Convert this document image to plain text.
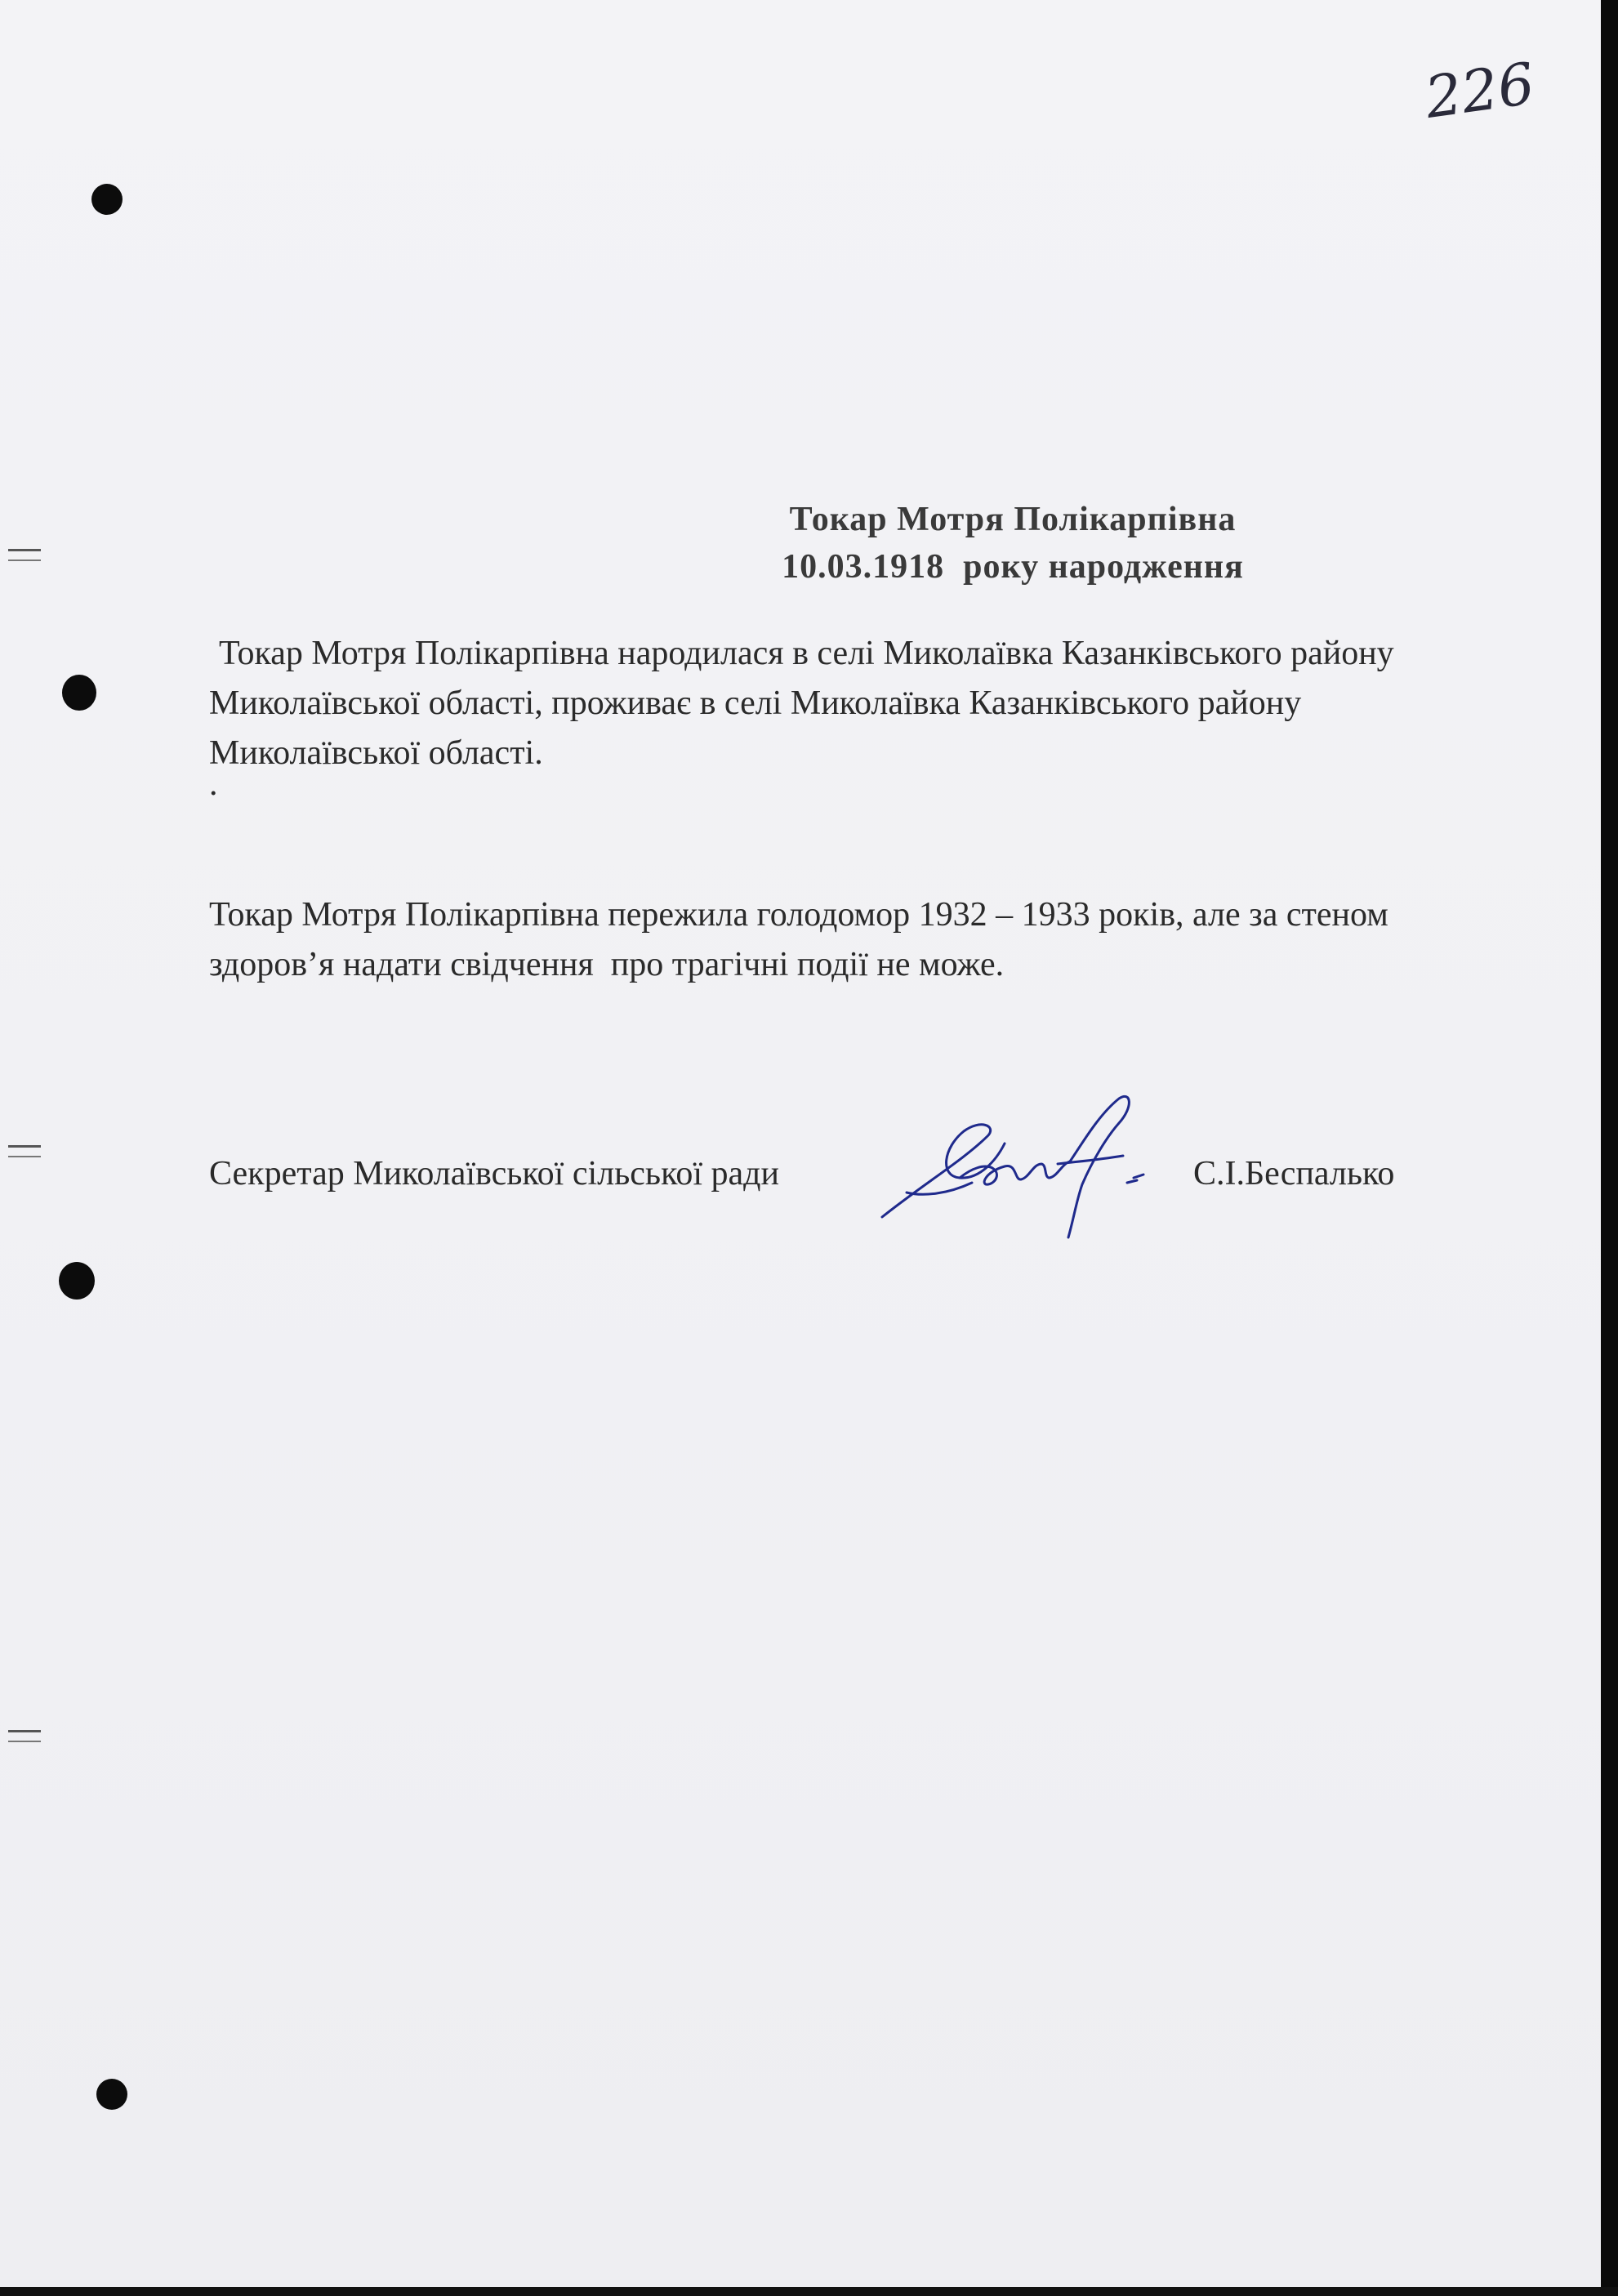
226
Токар Мотря Полікарпівна
10.03.1918  року народження

Токар Мотря Полікарпівна народилася в селі Миколаївка Казанківського району Миколаївської області, проживає в селі Миколаївка Казанківського району Миколаївської області.

.

Токар Мотря Полікарпівна пережила голодомор 1932 – 1933 років, але за стеном здоров’я надати свідчення  про трагічні події не може.

Секретар Миколаївської сільської ради	С.І.Беспалько
